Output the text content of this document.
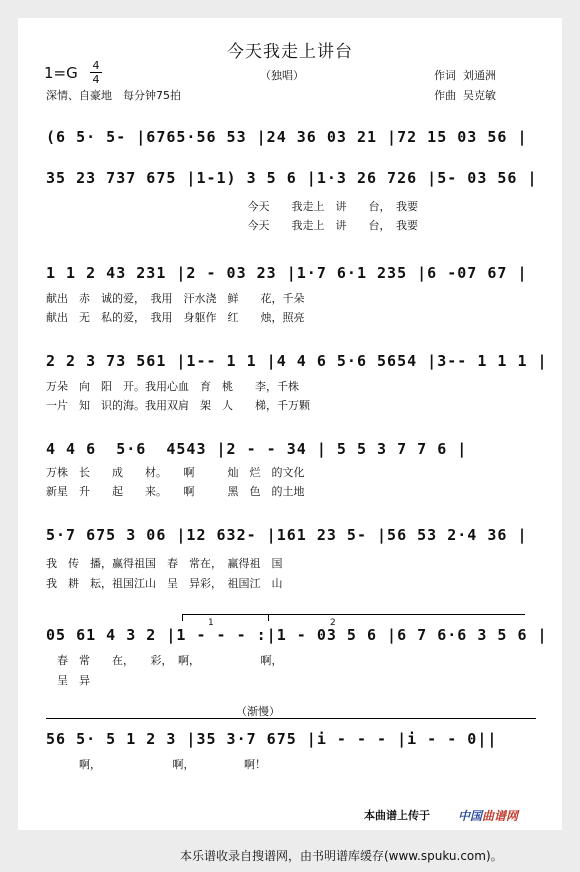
今天我走上讲台
1=G 4
4	（独唱）
深情、自豪地　每分钟75拍
作词  刘通洲
作曲  吴克敏
(6 5· 5- |6765·56 53 |24 36 03 21 |72 15 03 56 |
35 23 737 675 |1-1) 3 5 6 |1·3 26 726 |5- 03 56 |
　　　　　　　　　　　　　　　　　　 今天　　我走上　讲　　台，　我要
　　　　　　　　　　　　　　　　　　 今天　　我走上　讲　　台，　我要
1 1 2 43 231 |2 - 03 23 |1·7 6·1 235 |6 -07 67 |
献出　赤　诚的爱，　我用　汗水浇　鲜　　花，千朵
献出　无　私的爱，　我用　身躯作　红　　烛，照亮
2 2 3 73 561 |1-- 1 1 |4 4 6 5·6 5654 |3-- 1 1 1 |
万朵　向　阳　开。我用心血　育　桃　　李，千株
一片　知　识的海。我用双肩　架　人　　梯，千万颗
4 4 6  5·6  4543 |2 - - 34 | 5 5 3 7 7 6 |
万株　长　　成　　材。　　啊　　　灿　烂　的文化
新星　升　　起　　来。　　啊　　　黑　色　的土地
5·7 675 3 06 |12 632- |161 23 5- |56 53 2·4 36 |
我　传　播，赢得祖国　春　常在，　赢得祖　国
我　耕　耘，祖国江山　呈　异彩，　祖国江　山
1	2
05 61 4 3 2 |1 - - - :|1 - 03 5 6 |6 7 6·6 3 5 6 |
　春　常　　在，　　彩，　啊，　　　　　　啊，
　呈　异
（渐慢）
56 5· 5 1 2 3 |35 3·7 675 |i - - - |i - - 0||
　　　啊，　　　　　　　啊，　　　　　啊！
本曲谱上传于 中国曲谱网
本乐谱收录自搜谱网，由书明谱库缓存(www.spuku.com)。
